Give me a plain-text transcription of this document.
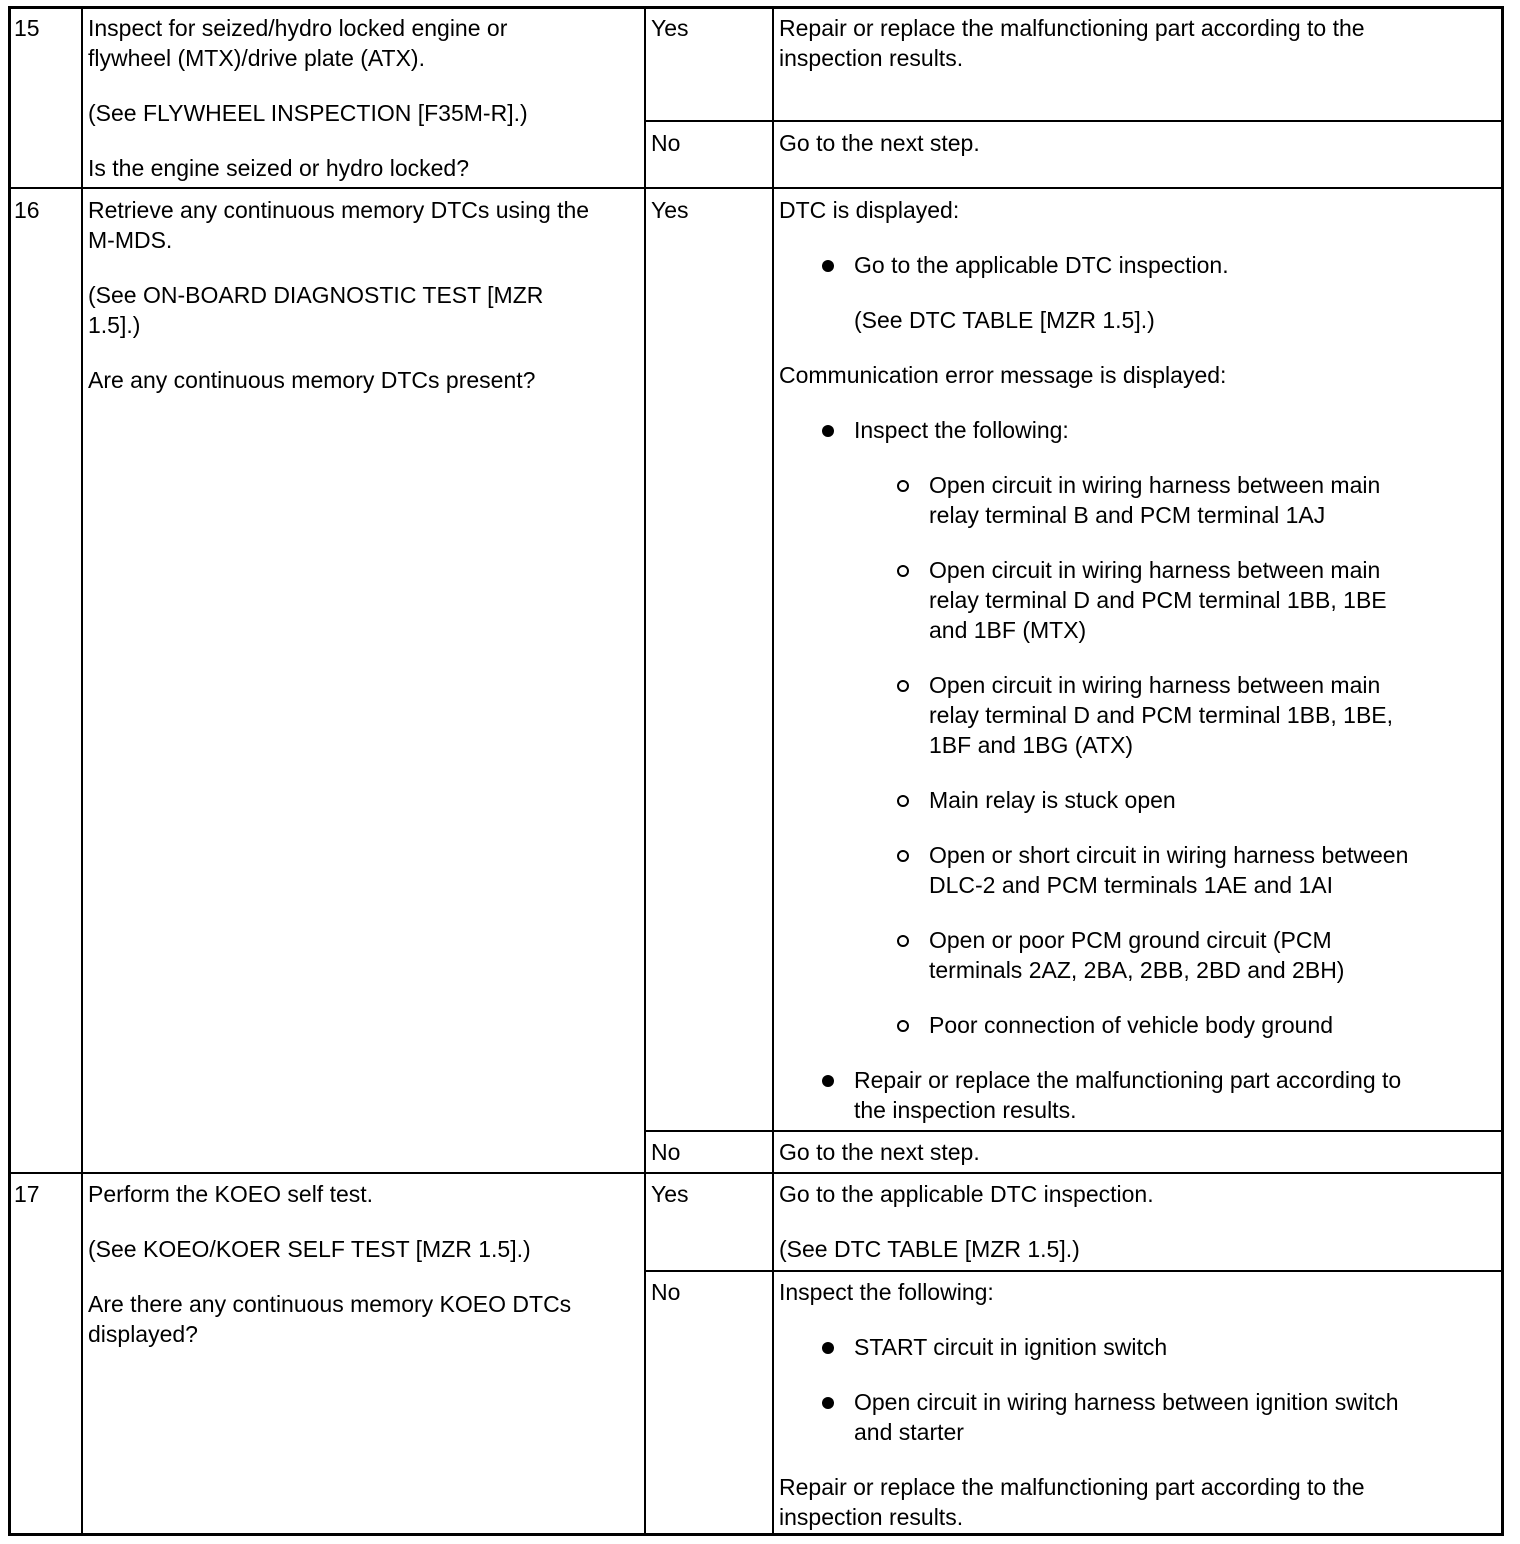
15 Inspect for seized/hydro locked engine or
flywheel (MTX)/drive plate (ATX).
(See FLYWHEEL INSPECTION [F35M-R].)
Is the engine seized or hydro locked?
Yes	Repair or replace the malfunctioning part according to the
inspection results.
No	Go to the next step.
16 Retrieve any continuous memory DTCs using the
M-MDS.
(See ON-BOARD DIAGNOSTIC TEST [MZR
1.5].)
Are any continuous memory DTCs present?
Yes	DTC is displayed:
Go to the applicable DTC inspection.
(See DTC TABLE [MZR 1.5].)
Communication error message is displayed:
Inspect the following:
Open circuit in wiring harness between main
relay terminal B and PCM terminal 1AJ
Open circuit in wiring harness between main
relay terminal D and PCM terminal 1BB, 1BE
and 1BF (MTX)
Open circuit in wiring harness between main
relay terminal D and PCM terminal 1BB, 1BE,
1BF and 1BG (ATX)
Main relay is stuck open
Open or short circuit in wiring harness between
DLC-2 and PCM terminals 1AE and 1AI
Open or poor PCM ground circuit (PCM
terminals 2AZ, 2BA, 2BB, 2BD and 2BH)
Poor connection of vehicle body ground
Repair or replace the malfunctioning part according to
the inspection results.
No	Go to the next step.
17 Perform the KOEO self test.
(See KOEO/KOER SELF TEST [MZR 1.5].)
Are there any continuous memory KOEO DTCs
displayed?
Yes	Go to the applicable DTC inspection.
(See DTC TABLE [MZR 1.5].)
No	Inspect the following:
START circuit in ignition switch
Open circuit in wiring harness between ignition switch
and starter
Repair or replace the malfunctioning part according to the
inspection results.
